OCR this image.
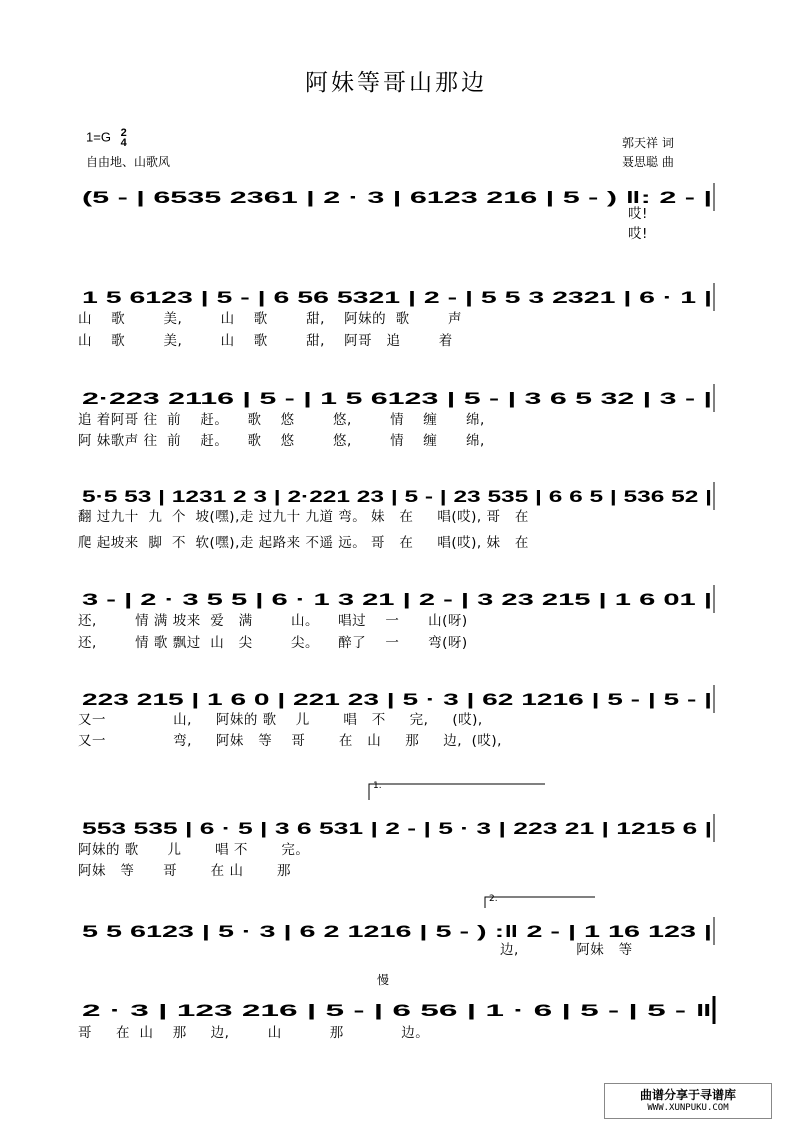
阿妹等哥山那边
1=G 2
4
自由地、山歌风
郭天祥 词
聂思聪 曲
(5 - | 6535 2361 | 2 · 3 | 6123 216 | 5 - ) ‖: 2 - |
1 5 6123 | 5 - | 6 56 5321 | 2 - | 5 5 3 2321 | 6 · 1 |
2·223 2116 | 5 - | 1 5 6123 | 5 - | 3 6 5 32 | 3 - |
5·5 53 | 1231 2 3 | 2·221 23 | 5 - | 23 535 | 6 6 5 | 536 52 |
3 - | 2 · 3 5 5 | 6 · 1 3 21 | 2 - | 3 23 215 | 1 6 01 |
223 215 | 1 6 0 | 221 23 | 5 · 3 | 62 1216 | 5 - | 5 - |
553 535 | 6 · 5 | 3 6 531 | 2 - | 5 · 3 | 223 21 | 1215 6 |
5 5 6123 | 5 · 3 | 6 2 1216 | 5 - ) :‖ 2 - | 1 16 123 |
2 · 3 | 123 216 | 5 - | 6 56 | 1 · 6 | 5 - | 5 - ‖
1.
2.
慢
哎!
哎!
山    歌        美,        山    歌        甜,    阿妹的  歌        声
山    歌        美,        山    歌        甜,    阿哥   追        着
追 着阿哥 往  前    赶。    歌    悠        悠,        情    缠      绵,
阿 妹歌声 往  前    赶。    歌    悠        悠,        情    缠      绵,
翻 过九十  九  个  坡(嘿),走 过九十 九道 弯。 妹   在     唱(哎), 哥   在
爬 起坡来  脚  不  软(嘿),走 起路来 不遥 远。 哥   在     唱(哎), 妹   在
还,        情 满 坡来  爱   满        山。    唱过    一      山(呀)
还,        情 歌 飘过  山   尖        尖。    醉了    一      弯(呀)
又一              山,     阿妹的 歌    儿       唱   不     完,     (哎),
又一              弯,     阿妹   等    哥       在   山     那     边,  (哎),
阿妹的 歌      儿       唱 不       完。
阿妹   等      哥       在 山       那
边,            阿妹   等
哥     在  山    那     边,        山          那            边。
曲谱分享于寻谱库
WWW.XUNPUKU.COM
